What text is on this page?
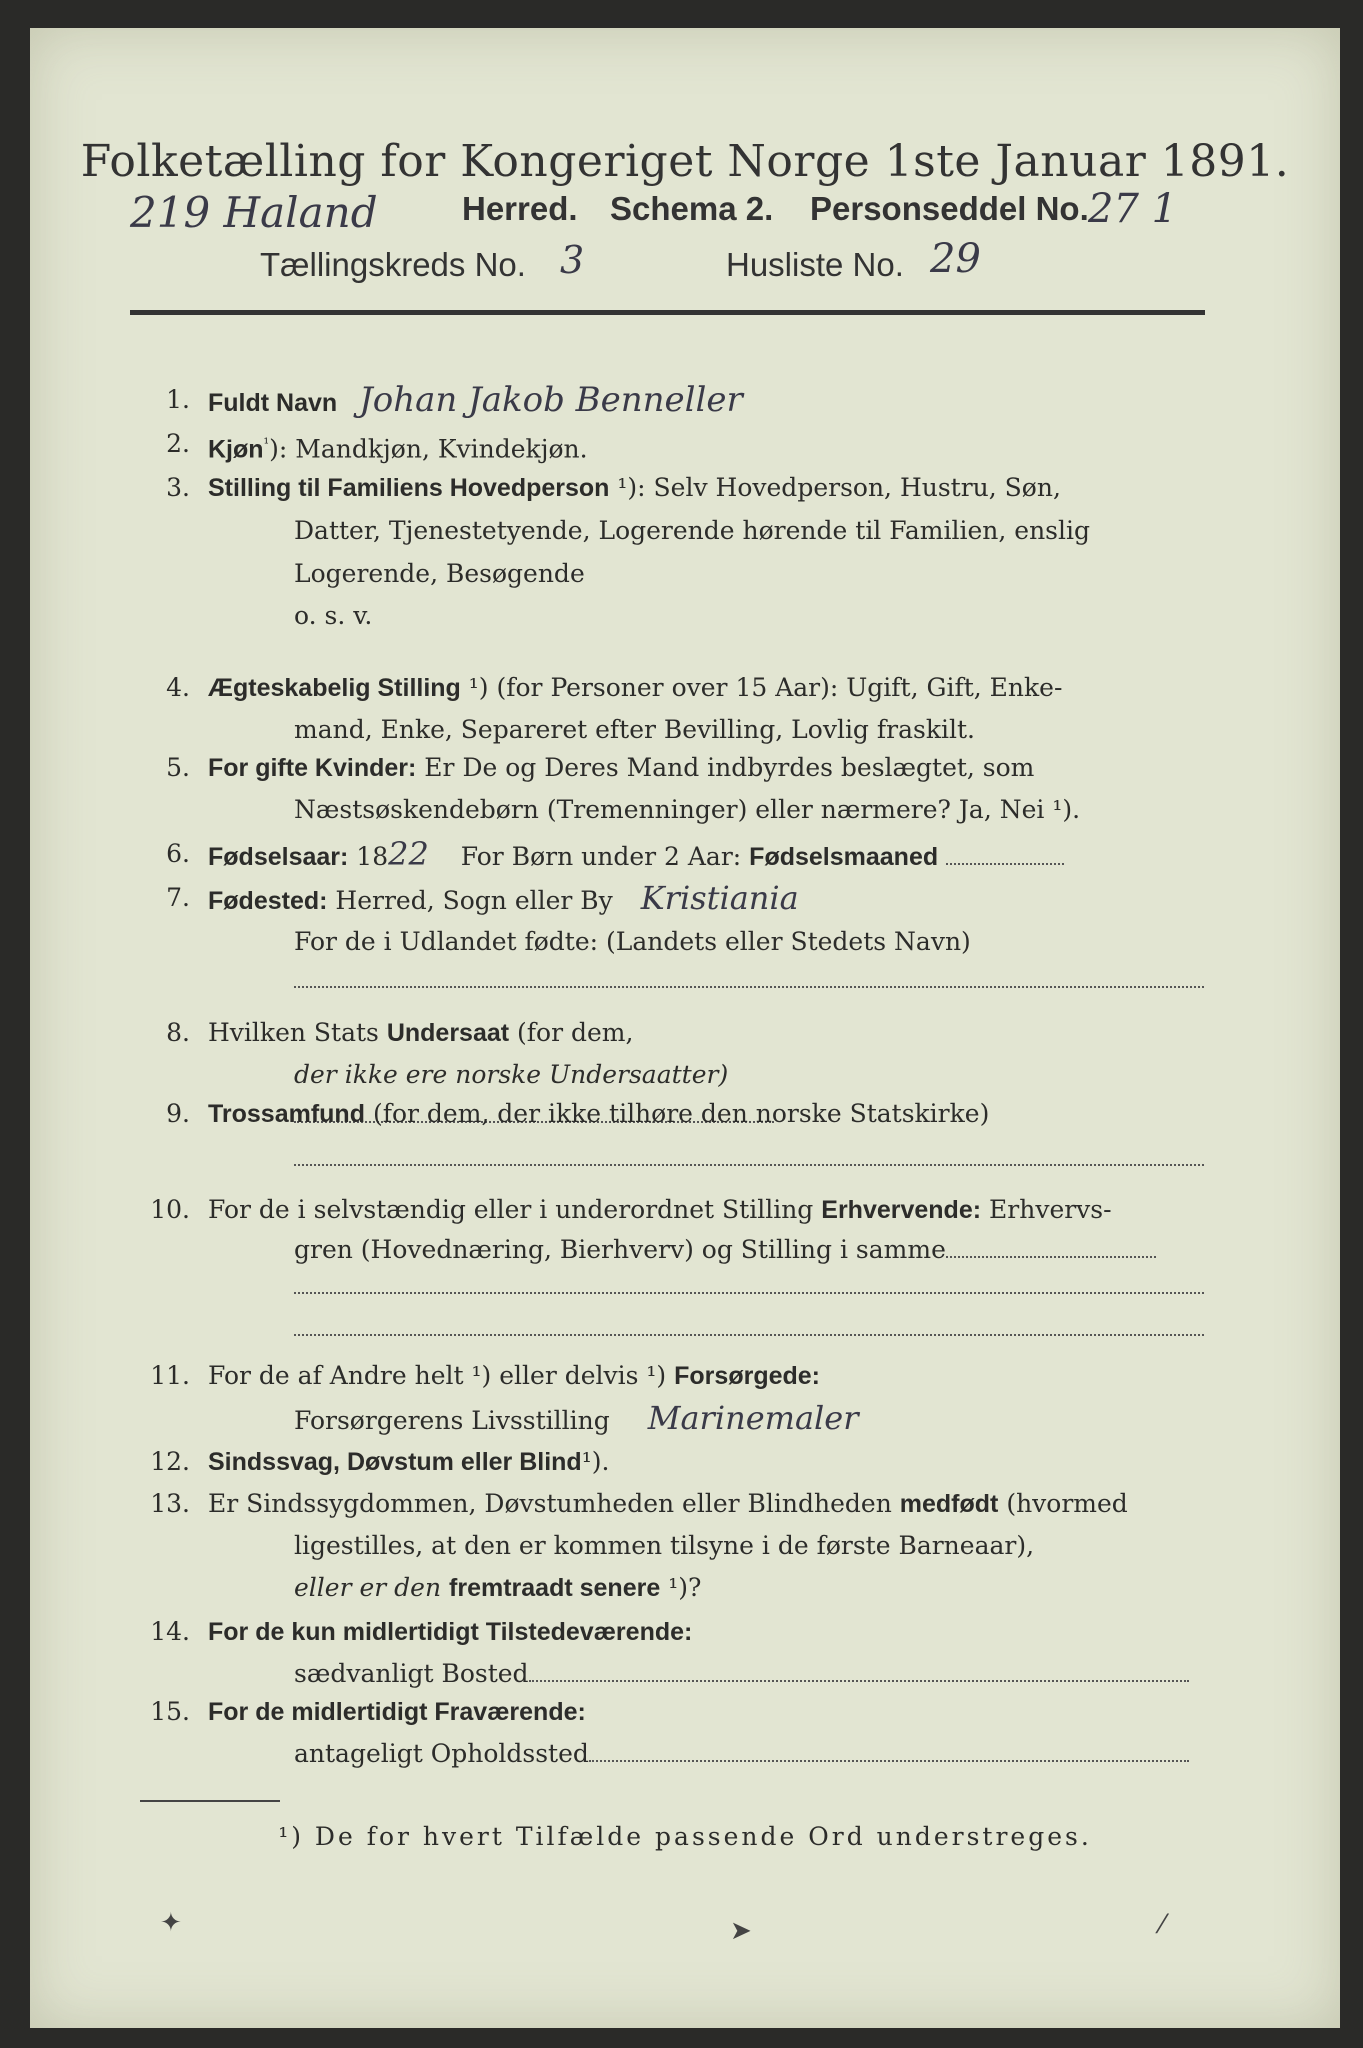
Folketælling for Kongeriget Norge 1ste Januar 1891.
219 Haland	Herred. Schema 2. Personseddel No. 27 1
Tællingskreds No. 3	Husliste No. 29
1. Fuldt Navn Johan Jakob Benneller
2. Kjøn$^{^1}$): Mandkjøn, Kvindekjøn.
3. Stilling til Familiens Hovedperson ¹): Selv Hovedperson, Hustru, Søn,
Datter, Tjenestetyende, Logerende hørende til Familien, enslig
Logerende, Besøgende
o. s. v.
4. Ægteskabelig Stilling ¹) (for Personer over 15 Aar): Ugift, Gift, Enke-
mand, Enke, Separeret efter Bevilling, Lovlig fraskilt.
5. For gifte Kvinder: Er De og Deres Mand indbyrdes beslægtet, som
Næstsøskendebørn (Tremenninger) eller nærmere? Ja, Nei ¹).
6. Fødselsaar: 1822 For Børn under 2 Aar: Fødselsmaaned
7. Fødested: Herred, Sogn eller By Kristiania
For de i Udlandet fødte: (Landets eller Stedets Navn)
8. Hvilken Stats Undersaat (for dem,
der ikke ere norske Undersaatter)
9. Trossamfund (for dem, der ikke tilhøre den norske Statskirke)
10. For de i selvstændig eller i underordnet Stilling Erhvervende: Erhvervs-
gren (Hovednæring, Bierhverv) og Stilling i samme
11. For de af Andre helt ¹) eller delvis ¹) Forsørgede:
Forsørgerens Livsstilling Marinemaler
12. Sindssvag, Døvstum eller Blind¹).
13. Er Sindssygdommen, Døvstumheden eller Blindheden medfødt (hvormed
ligestilles, at den er kommen tilsyne i de første Barneaar),
eller er den fremtraadt senere ¹)?
14. For de kun midlertidigt Tilstedeværende:
sædvanligt Bosted
15. For de midlertidigt Fraværende:
antageligt Opholdssted
¹) De for hvert Tilfælde passende Ord understreges.
✦	➤	⁄
